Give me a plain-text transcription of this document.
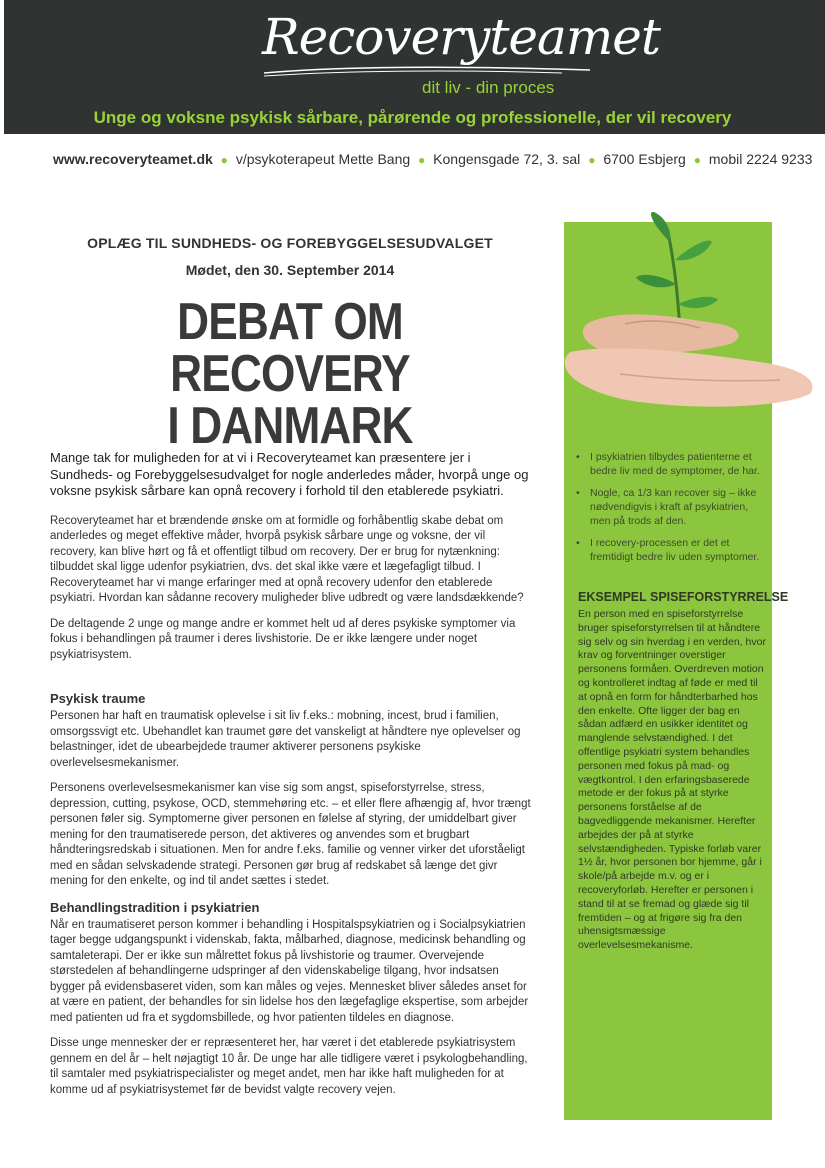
Recoveryteamet
dit liv - din proces
Unge og voksne psykisk sårbare, pårørende og professionelle, der vil recovery
www.recoveryteamet.dk ● v/psykoterapeut Mette Bang ● Kongensgade 72, 3. sal ● 6700 Esbjerg ● mobil 2224 9233
OPLÆG TIL SUNDHEDS- OG FOREBYGGELSESUDVALGET
Mødet, den 30. September 2014
DEBAT OM RECOVERY
I DANMARK
• I psykiatrien tilbydes patienterne et bedre liv med de symptomer, de har.
• Nogle, ca 1/3 kan recover sig – ikke nødvendigvis i kraft af psykiatrien, men på trods af den.
• I recovery-processen er det et fremtidigt bedre liv uden symptomer.
EKSEMPEL SPISEFORSTYRRELSE

En person med en spiseforstyrrelse bruger spiseforstyrrelsen til at håndtere sig selv og sin hverdag i en verden, hvor krav og forventninger overstiger personens formåen. Overdreven motion og kontrolleret indtag af føde er med til at opnå en form for håndterbarhed hos den enkelte. Ofte ligger der bag en sådan adfærd en usikker identitet og manglende selvstændighed. I det offentlige psykiatri system behandles personen med fokus på mad- og vægtkontrol. I den erfaringsbaserede metode er der fokus på at styrke personens forståelse af de bagvedliggende mekanismer. Herefter arbejdes der på at styrke selvstændigheden. Typiske forløb varer 1½ år, hvor personen bor hjemme, går i skole/på arbejde m.v. og er i recoveryforløb. Herefter er personen i stand til at se fremad og glæde sig til fremtiden – og at frigøre sig fra den uhensigtsmæssige overlevelsesmekanisme.

Mange tak for muligheden for at vi i Recoveryteamet kan præsentere jer i Sundheds- og Forebyggelsesudvalget for nogle anderledes måder, hvorpå unge og voksne psykisk sårbare kan opnå recovery i forhold til den etablerede psykiatri.

Recoveryteamet har et brændende ønske om at formidle og forhåbentlig skabe debat om anderledes og meget effektive måder, hvorpå psykisk sårbare unge og voksne, der vil recovery, kan blive hørt og få et offentligt tilbud om recovery. Der er brug for nytænkning: tilbuddet skal ligge udenfor psykiatrien, dvs. det skal ikke være et lægefagligt tilbud. I Recoveryteamet har vi mange erfaringer med at opnå recovery udenfor den etablerede psykiatri. Hvordan kan sådanne recovery muligheder blive udbredt og være landsdækkende?

De deltagende 2 unge og mange andre er kommet helt ud af deres psykiske symptomer via fokus i behandlingen på traumer i deres livshistorie. De er ikke længere under noget psykiatrisystem.

Psykisk traume

Personen har haft en traumatisk oplevelse i sit liv f.eks.: mobning, incest, brud i familien, omsorgssvigt etc. Ubehandlet kan traumet gøre det vanskeligt at håndtere nye oplevelser og belastninger, idet de ubearbejdede traumer aktiverer personens psykiske overlevelsesmekanismer.

Personens overlevelsesmekanismer kan vise sig som angst, spiseforstyrrelse, stress, depression, cutting, psykose, OCD, stemmehøring etc. – et eller flere afhængig af, hvor trængt personen føler sig. Symptomerne giver personen en følelse af styring, der umiddelbart giver mening for den traumatiserede person, det aktiveres og anvendes som et brugbart håndteringsredskab i situationen. Men for andre f.eks. familie og venner virker det uforståeligt med en sådan selvskadende strategi. Personen gør brug af redskabet så længe det givr mening for den enkelte, og ind til andet sættes i stedet.

Behandlingstradition i psykiatrien

Når en traumatiseret person kommer i behandling i Hospitalspsykiatrien og i Socialpsykiatrien tager begge udgangspunkt i videnskab, fakta, målbarhed, diagnose, medicinsk behandling og samtaleterapi. Der er ikke sun målrettet fokus på livshistorie og traumer. Overvejende størstedelen af behandlingerne udspringer af den videnskabelige tilgang, hvor indsatsen bygger på evidensbaseret viden, som kan måles og vejes. Mennesket bliver således anset for at være en patient, der behandles for sin lidelse hos den lægefaglige ekspertise, som arbejder med patienten ud fra et sygdomsbillede, og hvor patienten tildeles en diagnose.

Disse unge mennesker der er repræsenteret her, har været i det etablerede psykiatrisystem gennem en del år – helt nøjagtigt 10 år. De unge har alle tidligere været i psykologbehandling, til samtaler med psykiatrispecialister og meget andet, men har ikke haft muligheden for at komme ud af psykiatrisystemet før de bevidst valgte recovery vejen.
